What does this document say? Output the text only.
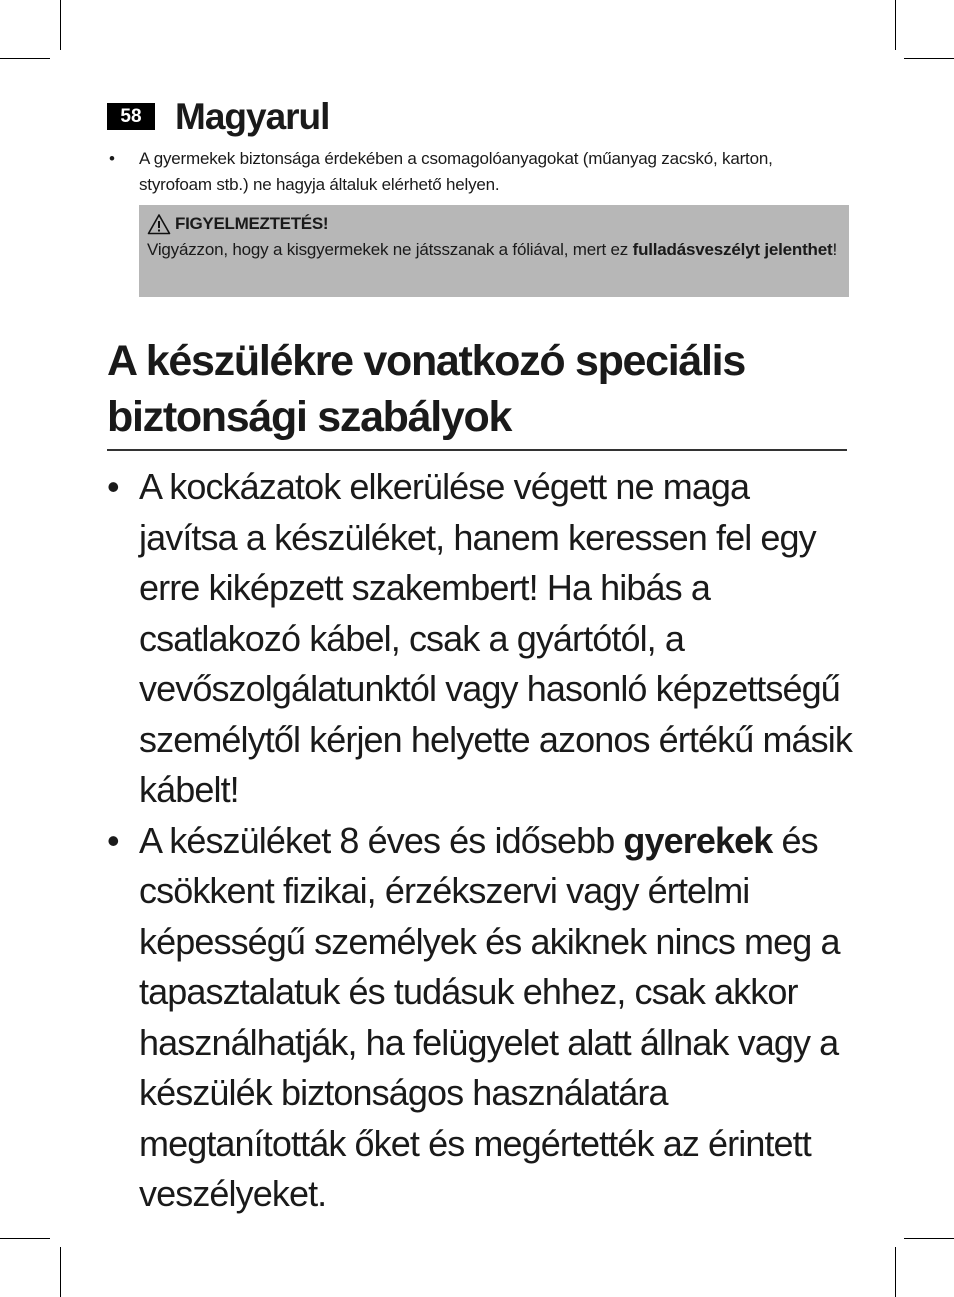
58 Magyarul
• A gyermekek biztonsága érdekében a csomagolóanyagokat (műanyag zacskó, karton, styrofoam stb.) ne hagyja általuk elérhető helyen.
FIGYELMEZTETÉS!
Vigyázzon, hogy a kisgyermekek ne játsszanak a fóliával, mert ez fulladásveszélyt jelenthet!
A készülékre vonatkozó speciális biztonsági szabályok
• A kockázatok elkerülése végett ne maga javítsa a készüléket, hanem keressen fel egy erre kiképzett szakembert! Ha hibás a csatlakozó kábel, csak a gyártótól, a vevőszolgálatunktól vagy hasonló képzettségű személytől kérjen helyette azonos értékű másik kábelt!
• A készüléket 8 éves és idősebb gyerekek és csökkent fizikai, érzékszervi vagy értelmi képességű személyek és akiknek nincs meg a tapasztalatuk és tudásuk ehhez, csak akkor használhatják, ha felügyelet alatt állnak vagy a készülék biztonságos használatára megtanították őket és megértették az érintett veszélyeket.
